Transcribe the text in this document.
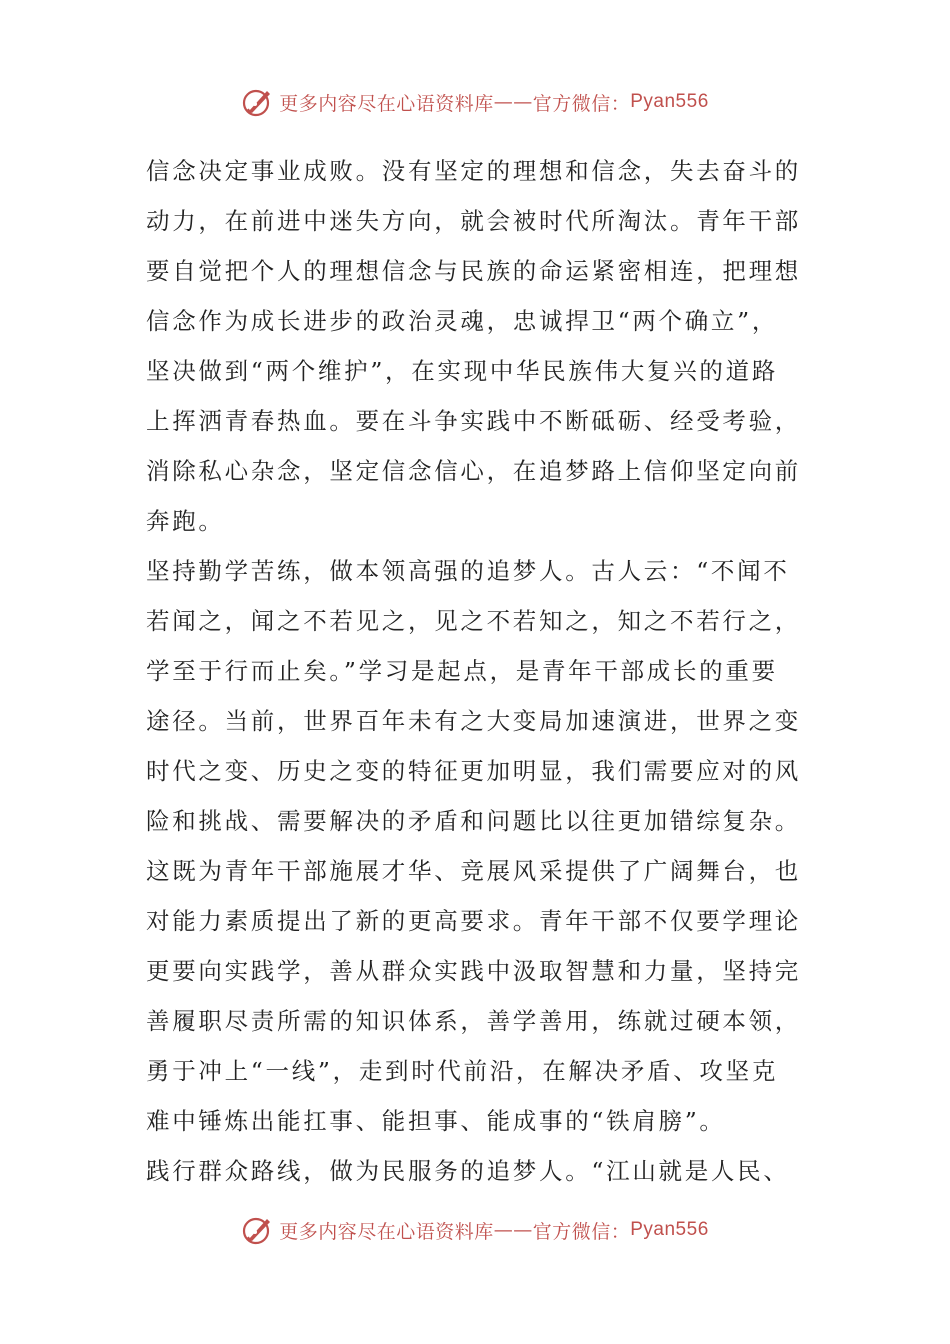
更多内容尽在心语资料库 —— 官方微信： Pyan556
信念决定事业成败。没有坚定的理想和信念，失去奋斗的
动力，在前进中迷失方向，就会被时代所淘汰。青年干部
要自觉把个人的理想信念与民族的命运紧密相连，把理想
信念作为成长进步的政治灵魂，忠诚捍卫“两个确立”，
坚决做到“两个维护”，在实现中华民族伟大复兴的道路
上挥洒青春热血。要在斗争实践中不断砥砺、经受考验，
消除私心杂念，坚定信念信心，在追梦路上信仰坚定向前
奔跑。
坚持勤学苦练，做本领高强的追梦人。古人云：“不闻不
若闻之，闻之不若见之，见之不若知之，知之不若行之，
学至于行而止矣。”学习是起点，是青年干部成长的重要
途径。当前，世界百年未有之大变局加速演进，世界之变
时代之变、历史之变的特征更加明显，我们需要应对的风
险和挑战、需要解决的矛盾和问题比以往更加错综复杂。
这既为青年干部施展才华、竞展风采提供了广阔舞台，也
对能力素质提出了新的更高要求。青年干部不仅要学理论
更要向实践学，善从群众实践中汲取智慧和力量，坚持完
善履职尽责所需的知识体系，善学善用，练就过硬本领，
勇于冲上“一线”，走到时代前沿，在解决矛盾、攻坚克
难中锤炼出能扛事、能担事、能成事的“铁肩膀”。
践行群众路线，做为民服务的追梦人。“江山就是人民、
更多内容尽在心语资料库 —— 官方微信： Pyan556
